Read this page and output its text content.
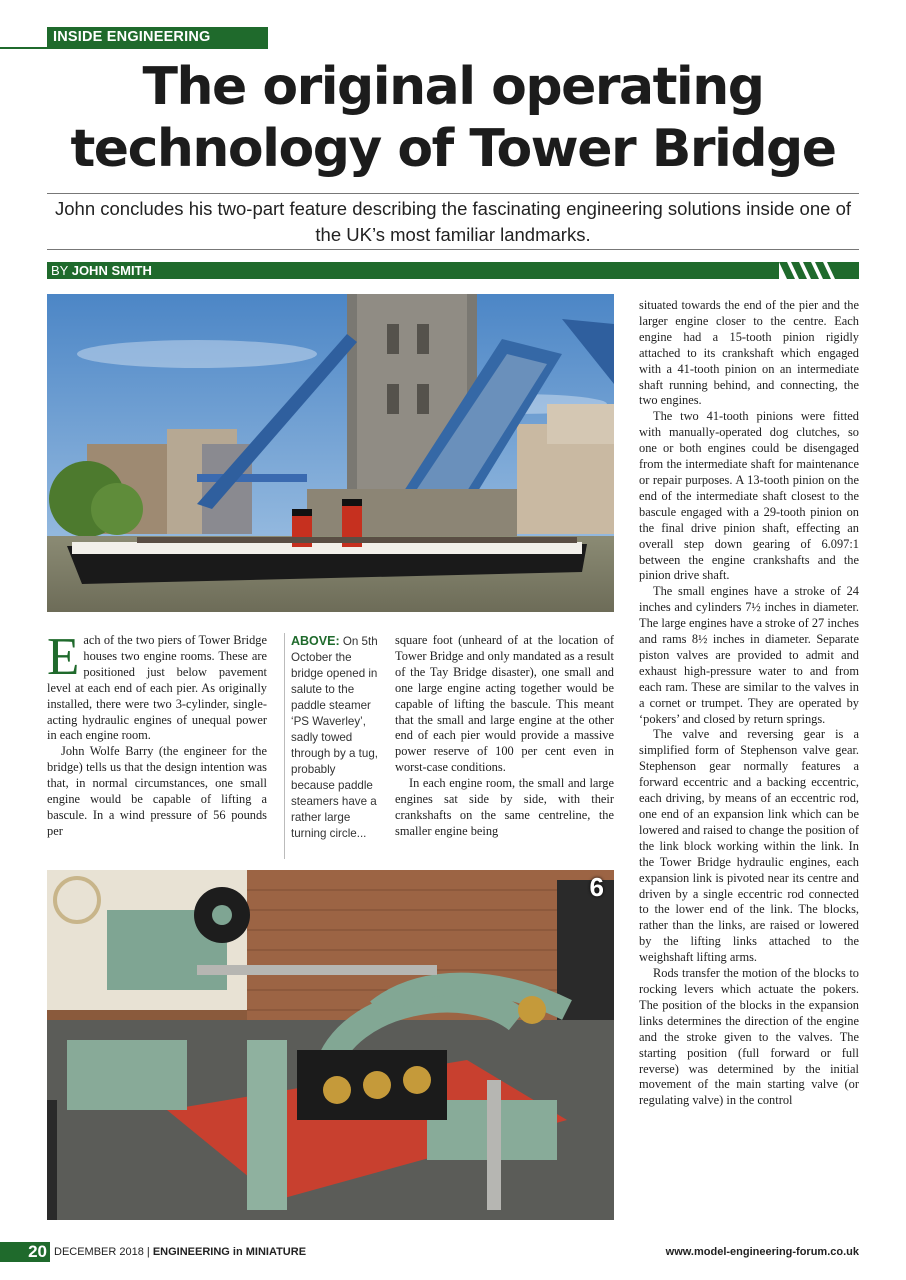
INSIDE ENGINEERING
The original operating technology of Tower Bridge
John concludes his two-part feature describing the fascinating engineering solutions inside one of the UK’s most familiar landmarks.
BY JOHN SMITH

Each of the two piers of Tower Bridge houses two engine rooms. These are positioned just below pavement level at each end of each pier. As originally installed, there were two 3-cylinder, single-acting hydraulic engines of unequal power in each engine room.

John Wolfe Barry (the engineer for the bridge) tells us that the design intention was that, in normal circumstances, one small engine would be capable of lifting a bascule. In a wind pressure of 56 pounds per

ABOVE: On 5th October the bridge opened in salute to the paddle steamer ‘PS Waverley’, sadly towed through by a tug, probably because paddle steamers have a rather large turning circle...

square foot (unheard of at the location of Tower Bridge and only mandated as a result of the Tay Bridge disaster), one small and one large engine acting together would be capable of lifting the bascule. This meant that the small and large engine at the other end of each pier would provide a massive power reserve of 100 per cent even in worst-case conditions.

In each engine room, the small and large engines sat side by side, with their crankshafts on the same centreline, the smaller engine being

6

situated towards the end of the pier and the larger engine closer to the centre. Each engine had a 15-tooth pinion rigidly attached to its crankshaft which engaged with a 41-tooth pinion on an intermediate shaft running behind, and connecting, the two engines.

The two 41-tooth pinions were fitted with manually-operated dog clutches, so one or both engines could be disengaged from the intermediate shaft for maintenance or repair purposes. A 13-tooth pinion on the end of the intermediate shaft closest to the bascule engaged with a 29-tooth pinion on the final drive pinion shaft, effecting an overall step down gearing of 6.097:1 between the engine crankshafts and the pinion drive shaft.

The small engines have a stroke of 24 inches and cylinders 7½ inches in diameter. The large engines have a stroke of 27 inches and rams 8½ inches in diameter. Separate piston valves are provided to admit and exhaust high-pressure water to and from each ram. These are similar to the valves in a cornet or trumpet. They are operated by ‘pokers’ and closed by return springs.

The valve and reversing gear is a simplified form of Stephenson valve gear. Stephenson gear normally features a forward eccentric and a backing eccentric, each driving, by means of an eccentric rod, one end of an expansion link which can be lowered and raised to change the position of the link block working within the link. In the Tower Bridge hydraulic engines, each expansion link is pivoted near its centre and driven by a single eccentric rod connected to the lower end of the link. The blocks, rather than the links, are raised or lowered by the lifting links attached to the weighshaft lifting arms.

Rods transfer the motion of the blocks to rocking levers which actuate the pokers. The position of the blocks in the expansion links determines the direction of the engine and the stroke given to the valves. The starting position (full forward or full reverse) was determined by the initial movement of the main starting valve (or regulating valve) in the control

20 DECEMBER 2018 | ENGINEERING in MINIATURE	www.model-engineering-forum.co.uk
